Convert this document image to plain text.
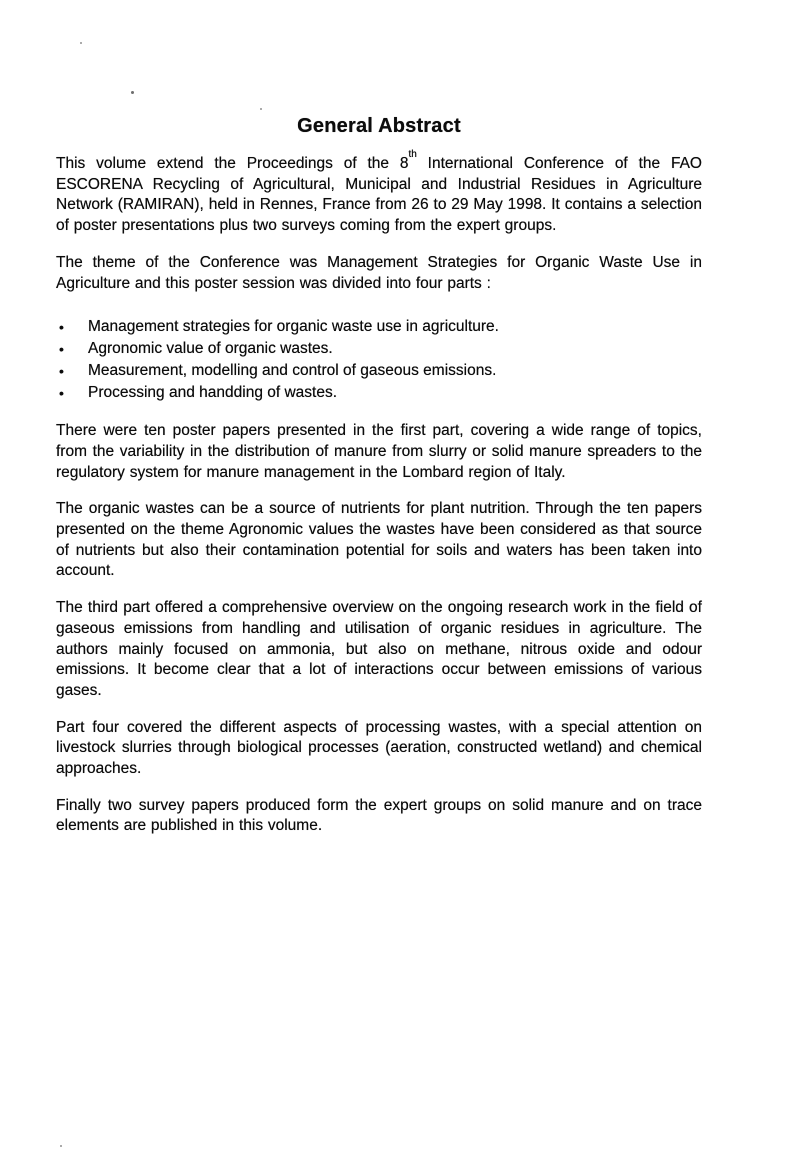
General Abstract

This volume extend the Proceedings of the 8th International Conference of the FAO ESCORENA Recycling of Agricultural, Municipal and Industrial Residues in Agriculture Network (RAMIRAN), held in Rennes, France from 26 to 29 May 1998. It contains a selection of poster presentations plus two surveys coming from the expert groups.

The theme of the Conference was Management Strategies for Organic Waste Use in Agriculture and this poster session was divided into four parts :

•	Management strategies for organic waste use in agriculture.
•	Agronomic value of organic wastes.
•	Measurement, modelling and control of gaseous emissions.
•	Processing and handding of wastes.

There were ten poster papers presented in the first part, covering a wide range of topics, from the variability in the distribution of manure from slurry or solid manure spreaders to the regulatory system for manure management in the Lombard region of Italy.

The organic wastes can be a source of nutrients for plant nutrition. Through the ten papers presented on the theme Agronomic values the wastes have been considered as that source of nutrients but also their contamination potential for soils and waters has been taken into account.

The third part offered a comprehensive overview on the ongoing research work in the field of gaseous emissions from handling and utilisation of organic residues in agriculture. The authors mainly focused on ammonia, but also on methane, nitrous oxide and odour emissions. It become clear that a lot of interactions occur between emissions of various gases.

Part four covered the different aspects of processing wastes, with a special attention on livestock slurries through biological processes (aeration, constructed wetland) and chemical approaches.

Finally two survey papers produced form the expert groups on solid manure and on trace elements are published in this volume.
